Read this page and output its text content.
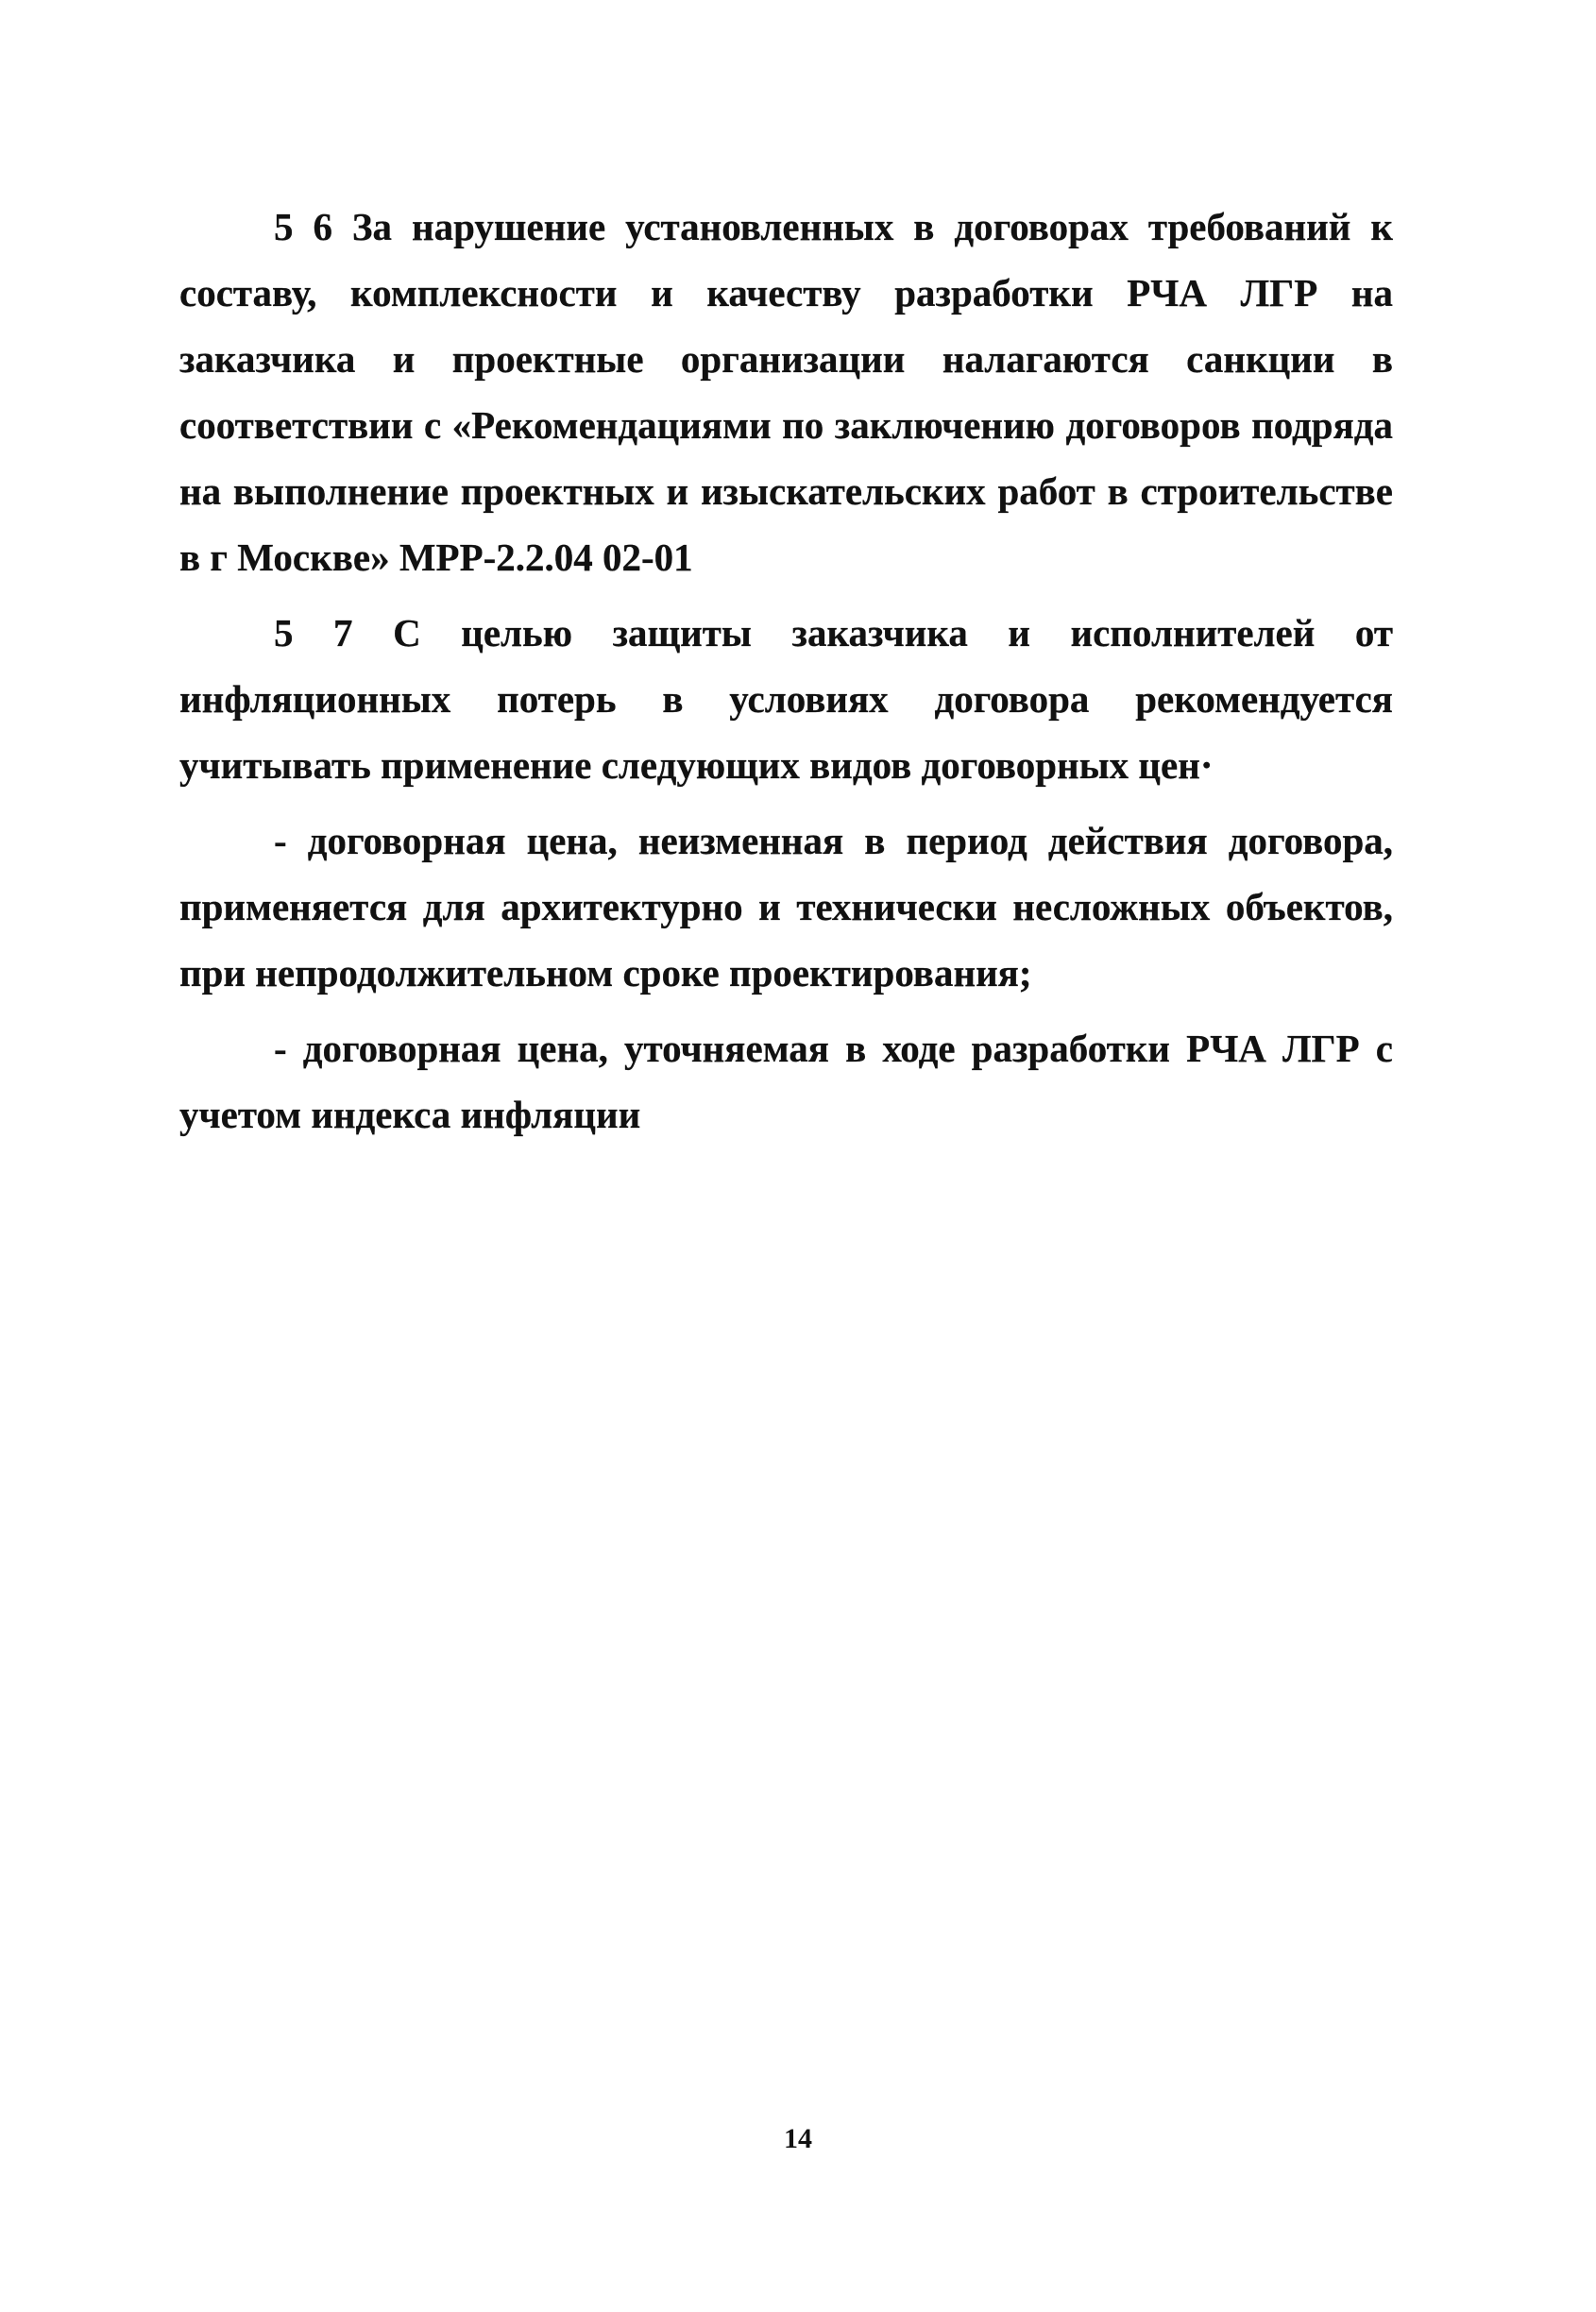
5 6 За нарушение установленных в договорах требований к составу, комплексности и качеству разработки РЧА ЛГР на заказчика и проектные организации налагаются санкции в соответствии с «Рекомендациями по заключению договоров подряда на выполнение проектных и изыскательских работ в строительстве в г Москве» МРР-2.2.04 02-01

5 7 С целью защиты заказчика и исполнителей от инфляционных потерь в условиях договора рекомендуется учитывать применение следующих видов договорных цен·

- договорная цена, неизменная в период действия договора, применяется для архитектурно и технически несложных объектов, при непродолжительном сроке проектирования;

- договорная цена, уточняемая в ходе разработки РЧА ЛГР с учетом индекса инфляции

14
